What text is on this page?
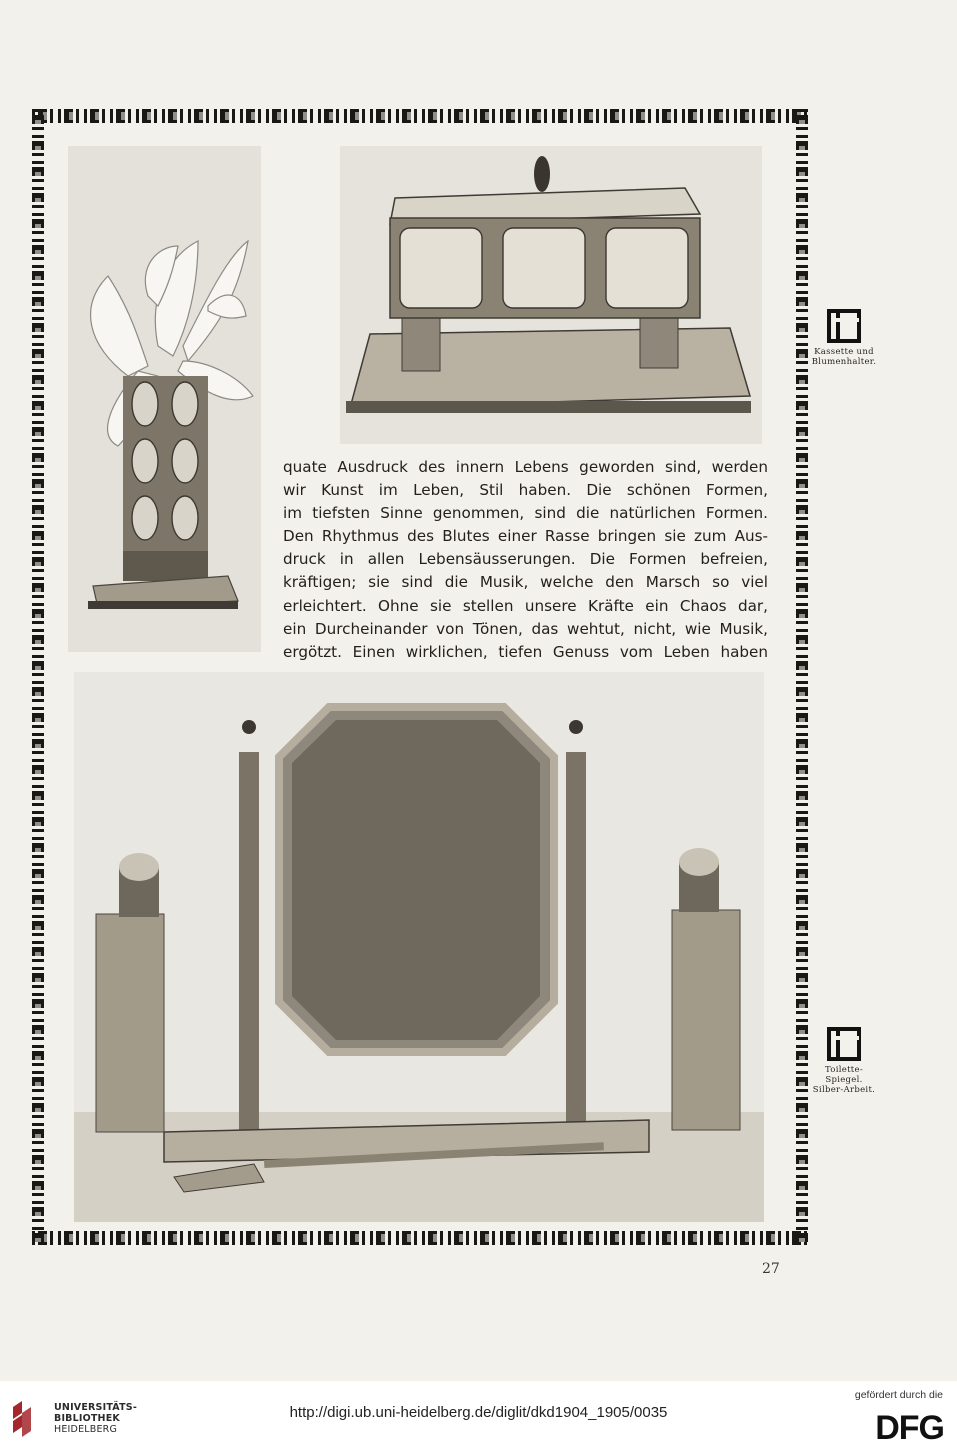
quate Ausdruck des innern Lebens geworden sind, werden
wir Kunst im Leben, Stil haben. Die schönen Formen,
im tiefsten Sinne genommen, sind die natürlichen Formen.
Den Rhythmus des Blutes einer Rasse bringen sie zum Aus-
druck in allen Lebensäusserungen. Die Formen befreien,
kräftigen; sie sind die Musik, welche den Marsch so viel
erleichtert. Ohne sie stellen unsere Kräfte ein Chaos dar,
ein Durcheinander von Tönen, das wehtut, nicht, wie Musik,
ergötzt. Einen wirklichen, tiefen Genuss vom Leben haben
Kassette und
Blumenhalter.
Toilette-
Spiegel.
Silber-Arbeit.
27
UNIVERSITÄTS-
BIBLIOTHEK
HEIDELBERG
http://digi.ub.uni-heidelberg.de/diglit/dkd1904_1905/0035
gefördert durch die
DFG
